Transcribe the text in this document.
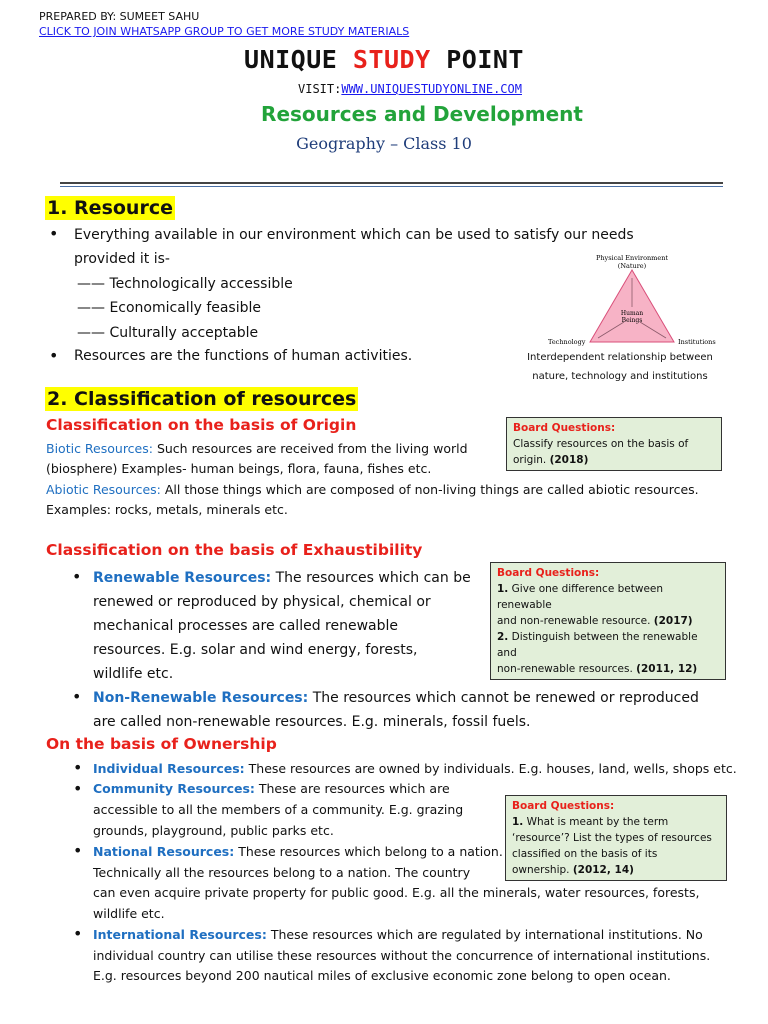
PREPARED BY: SUMEET SAHU
CLICK TO JOIN WHATSAPP GROUP TO GET MORE STUDY MATERIALS
UNIQUE STUDY POINT
VISIT:WWW.UNIQUESTUDYONLINE.COM
Resources and Development
Geography – Class 10
1. Resource
• Everything available in our environment which can be used to satisfy our needs
provided it is-
—— Technologically accessible
—— Economically feasible
—— Culturally acceptable
• Resources are the functions of human activities.
Physical Environment
(Nature)
Human
Beings
Technology	Institutions
Interdependent relationship between
nature, technology and institutions
2. Classification of resources
Classification on the basis of Origin
Biotic Resources: Such resources are received from the living world
(biosphere) Examples- human beings, flora, fauna, fishes etc.
Abiotic Resources: All those things which are composed of non-living things are called abiotic resources.
Examples: rocks, metals, minerals etc.
Board Questions:
Classify resources on the basis of
origin. (2018)
Classification on the basis of Exhaustibility
• Renewable Resources: The resources which can be
renewed or reproduced by physical, chemical or
mechanical processes are called renewable
resources. E.g. solar and wind energy, forests,
wildlife etc.
• Non-Renewable Resources: The resources which cannot be renewed or reproduced
are called non-renewable resources. E.g. minerals, fossil fuels.
Board Questions:
1. Give one difference between renewable
and non-renewable resource. (2017)
2. Distinguish between the renewable and
non-renewable resources. (2011, 12)
On the basis of Ownership
• Individual Resources: These resources are owned by individuals. E.g. houses, land, wells, shops etc.
• Community Resources: These are resources which are
accessible to all the members of a community. E.g. grazing
grounds, playground, public parks etc.
• National Resources: These resources which belong to a nation.
Technically all the resources belong to a nation. The country
can even acquire private property for public good. E.g. all the minerals, water resources, forests,
wildlife etc.
• International Resources: These resources which are regulated by international institutions. No
individual country can utilise these resources without the concurrence of international institutions.
E.g. resources beyond 200 nautical miles of exclusive economic zone belong to open ocean.
Board Questions:
1. What is meant by the term
‘resource’? List the types of resources
classified on the basis of its
ownership. (2012, 14)
